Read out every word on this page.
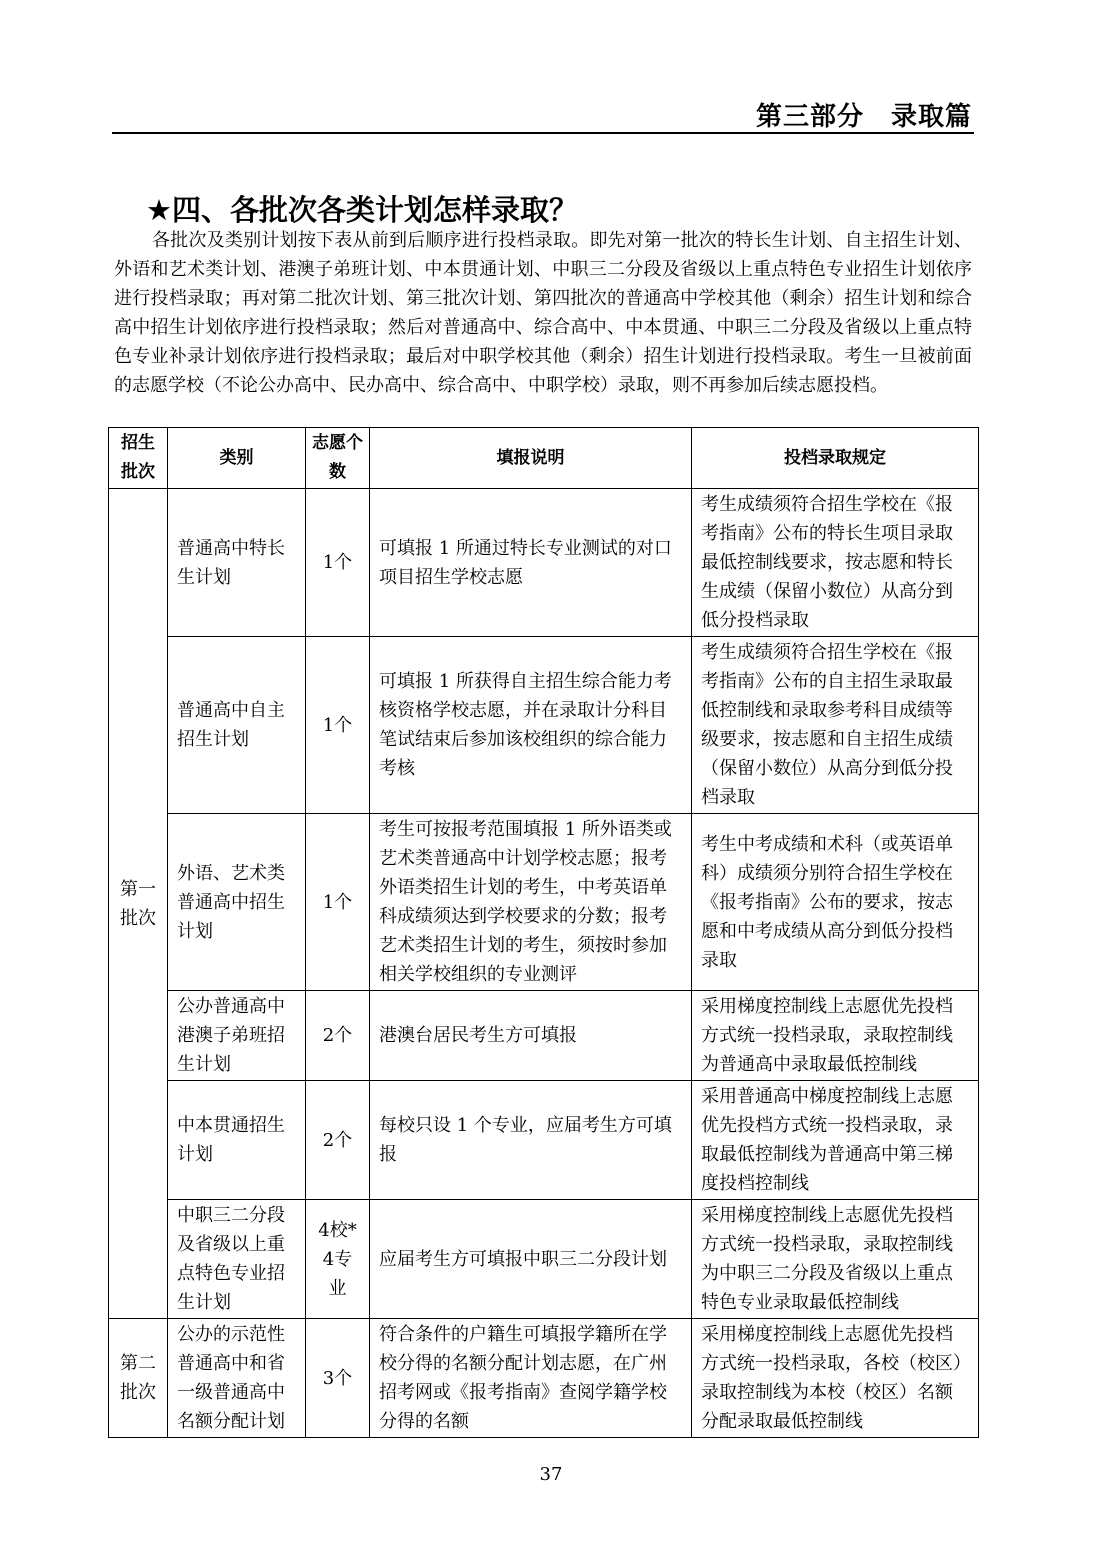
第三部分　录取篇
★四、各批次各类计划怎样录取？

各批次及类别计划按下表从前到后顺序进行投档录取。即先对第一批次的特长生计划、自主招生计划、外语和艺术类计划、港澳子弟班计划、中本贯通计划、中职三二分段及省级以上重点特色专业招生计划依序进行投档录取；再对第二批次计划、第三批次计划、第四批次的普通高中学校其他（剩余）招生计划和综合高中招生计划依序进行投档录取；然后对普通高中、综合高中、中本贯通、中职三二分段及省级以上重点特色专业补录计划依序进行投档录取；最后对中职学校其他（剩余）招生计划进行投档录取。考生一旦被前面的志愿学校（不论公办高中、民办高中、综合高中、中职学校）录取，则不再参加后续志愿投档。

招生批次	类别	志愿个数	填报说明	投档录取规定
第一批次	普通高中特长生计划	1个	可填报 1 所通过特长专业测试的对口项目招生学校志愿	考生成绩须符合招生学校在《报考指南》公布的特长生项目录取最低控制线要求，按志愿和特长生成绩（保留小数位）从高分到低分投档录取
	普通高中自主招生计划	1个	可填报 1 所获得自主招生综合能力考核资格学校志愿，并在录取计分科目笔试结束后参加该校组织的综合能力考核	考生成绩须符合招生学校在《报考指南》公布的自主招生录取最低控制线和录取参考科目成绩等级要求，按志愿和自主招生成绩（保留小数位）从高分到低分投档录取
	外语、艺术类普通高中招生计划	1个	考生可按报考范围填报 1 所外语类或艺术类普通高中计划学校志愿；报考外语类招生计划的考生，中考英语单科成绩须达到学校要求的分数；报考艺术类招生计划的考生，须按时参加相关学校组织的专业测评	考生中考成绩和术科（或英语单科）成绩须分别符合招生学校在《报考指南》公布的要求，按志愿和中考成绩从高分到低分投档录取
	公办普通高中港澳子弟班招生计划	2个	港澳台居民考生方可填报	采用梯度控制线上志愿优先投档方式统一投档录取，录取控制线为普通高中录取最低控制线
	中本贯通招生计划	2个	每校只设 1 个专业，应届考生方可填报	采用普通高中梯度控制线上志愿优先投档方式统一投档录取，录取最低控制线为普通高中第三梯度投档控制线
	中职三二分段及省级以上重点特色专业招生计划	4校*4专业	应届考生方可填报中职三二分段计划	采用梯度控制线上志愿优先投档方式统一投档录取，录取控制线为中职三二分段及省级以上重点特色专业录取最低控制线
第二批次	公办的示范性普通高中和省一级普通高中名额分配计划	3个	符合条件的户籍生可填报学籍所在学校分得的名额分配计划志愿，在广州招考网或《报考指南》查阅学籍学校分得的名额	采用梯度控制线上志愿优先投档方式统一投档录取，各校（校区）录取控制线为本校（校区）名额分配录取最低控制线
37
